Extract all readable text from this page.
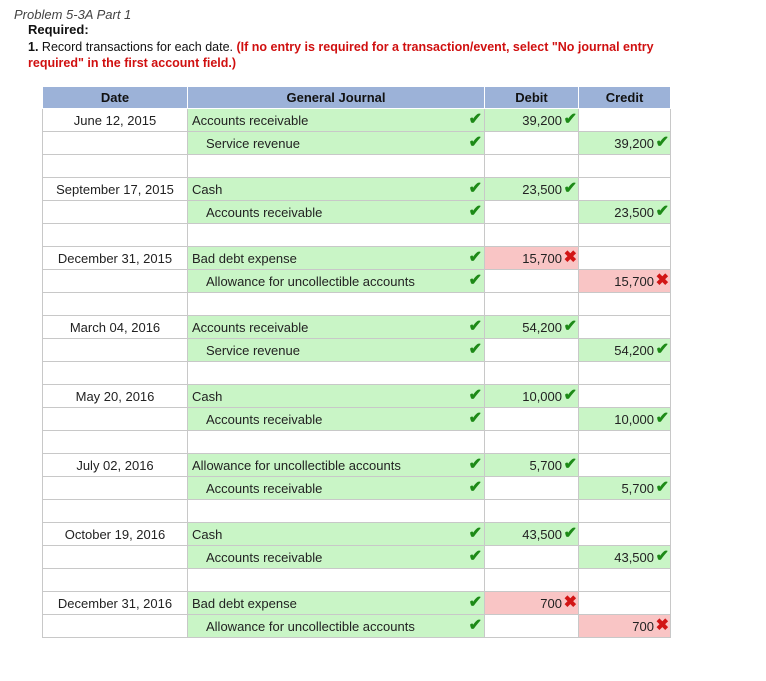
Problem 5-3A Part 1
Required:
1. Record transactions for each date. (If no entry is required for a transaction/event, select "No journal entry required" in the first account field.)
Date	General Journal	Debit	Credit
June 12, 2015	Accounts receivable ✔	39,200 ✔	

	Service revenue ✔		39,200 ✔

September 17, 2015	Cash ✔	23,500 ✔	

	Accounts receivable ✔		23,500 ✔

December 31, 2015	Bad debt expense ✔	15,700 ✖	

	Allowance for uncollectible accounts ✔		15,700 ✖

March 04, 2016	Accounts receivable ✔	54,200 ✔	

	Service revenue ✔		54,200 ✔

May 20, 2016	Cash ✔	10,000 ✔	

	Accounts receivable ✔		10,000 ✔

July 02, 2016	Allowance for uncollectible accounts ✔	5,700 ✔	

	Accounts receivable ✔		5,700 ✔

October 19, 2016	Cash ✔	43,500 ✔	

	Accounts receivable ✔		43,500 ✔

December 31, 2016	Bad debt expense ✔	700 ✖	

	Allowance for uncollectible accounts ✔		700 ✖
